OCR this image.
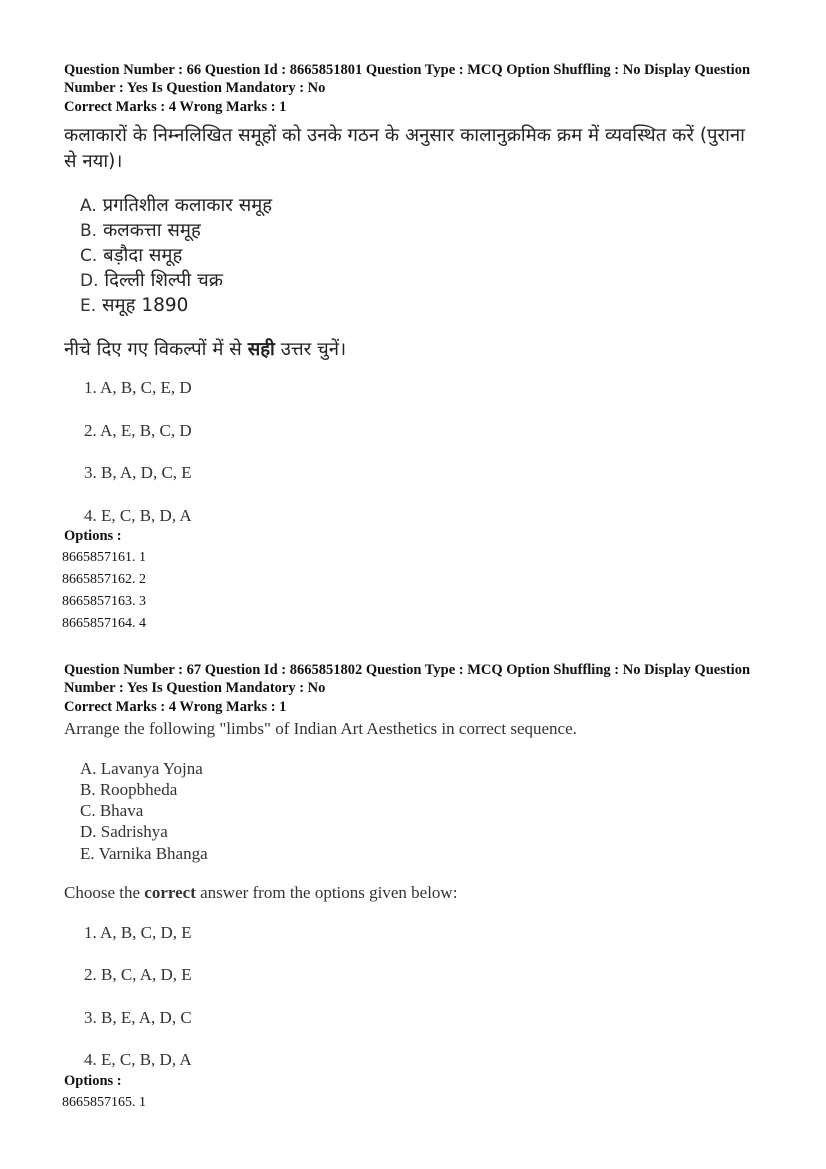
Question Number : 66 Question Id : 8665851801 Question Type : MCQ Option Shuffling : No Display Question
Number : Yes Is Question Mandatory : No
Correct Marks : 4 Wrong Marks : 1
कलाकारों के निम्नलिखित समूहों को उनके गठन के अनुसार कालानुक्रमिक क्रम में व्यवस्थित करें (पुराना
से नया)।
A. प्रगतिशील कलाकार समूह
B. कलकत्ता समूह
C. बड़ौदा समूह
D. दिल्ली शिल्पी चक्र
E. समूह 1890
नीचे दिए गए विकल्पों में से सही उत्तर चुनें।
1. A, B, C, E, D
2. A, E, B, C, D
3. B, A, D, C, E
4. E, C, B, D, A
Options :
8665857161. 1
8665857162. 2
8665857163. 3
8665857164. 4
Question Number : 67 Question Id : 8665851802 Question Type : MCQ Option Shuffling : No Display Question
Number : Yes Is Question Mandatory : No
Correct Marks : 4 Wrong Marks : 1
Arrange the following "limbs" of Indian Art Aesthetics in correct sequence.
A. Lavanya Yojna
B. Roopbheda
C. Bhava
D. Sadrishya
E. Varnika Bhanga
Choose the correct answer from the options given below:
1. A, B, C, D, E
2. B, C, A, D, E
3. B, E, A, D, C
4. E, C, B, D, A
Options :
8665857165. 1
